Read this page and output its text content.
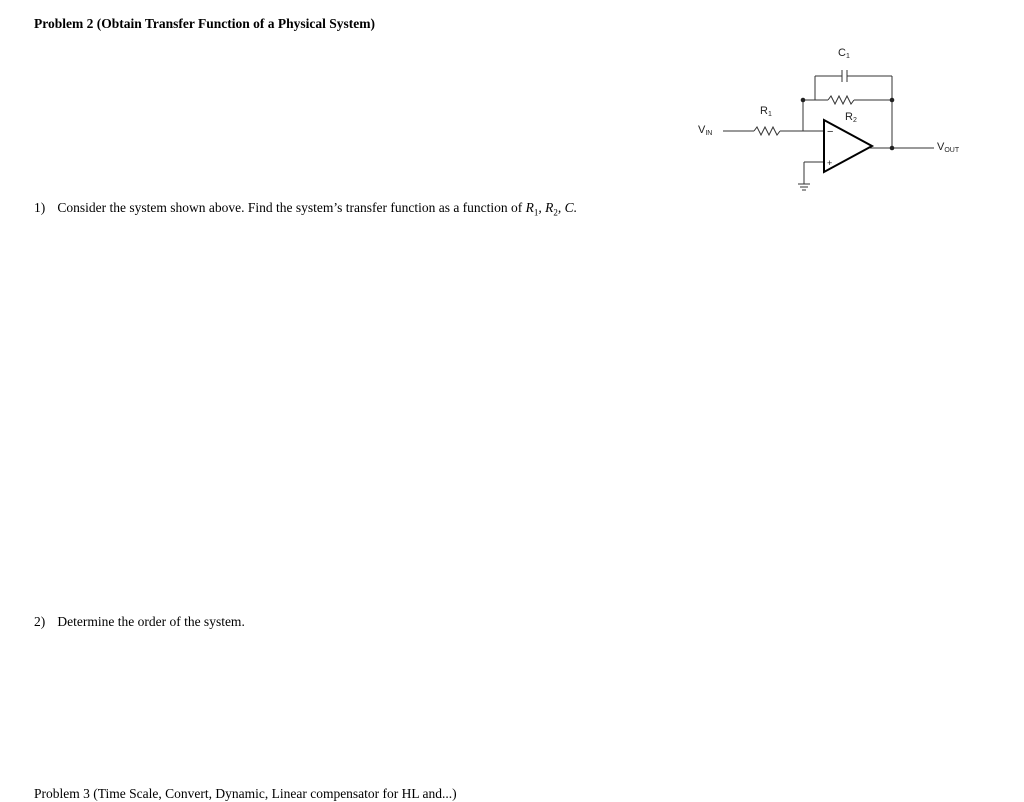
Problem 2 (Obtain Transfer Function of a Physical System)
−
+
C1
R1	R2
VIN
VOUT
1) Consider the system shown above. Find the system’s transfer function as a function of $R_1$, $R_2$, C.
2) Determine the order of the system.
Problem 3 (Time Scale, Convert, Dynamic, Linear compensator for HL and...)
